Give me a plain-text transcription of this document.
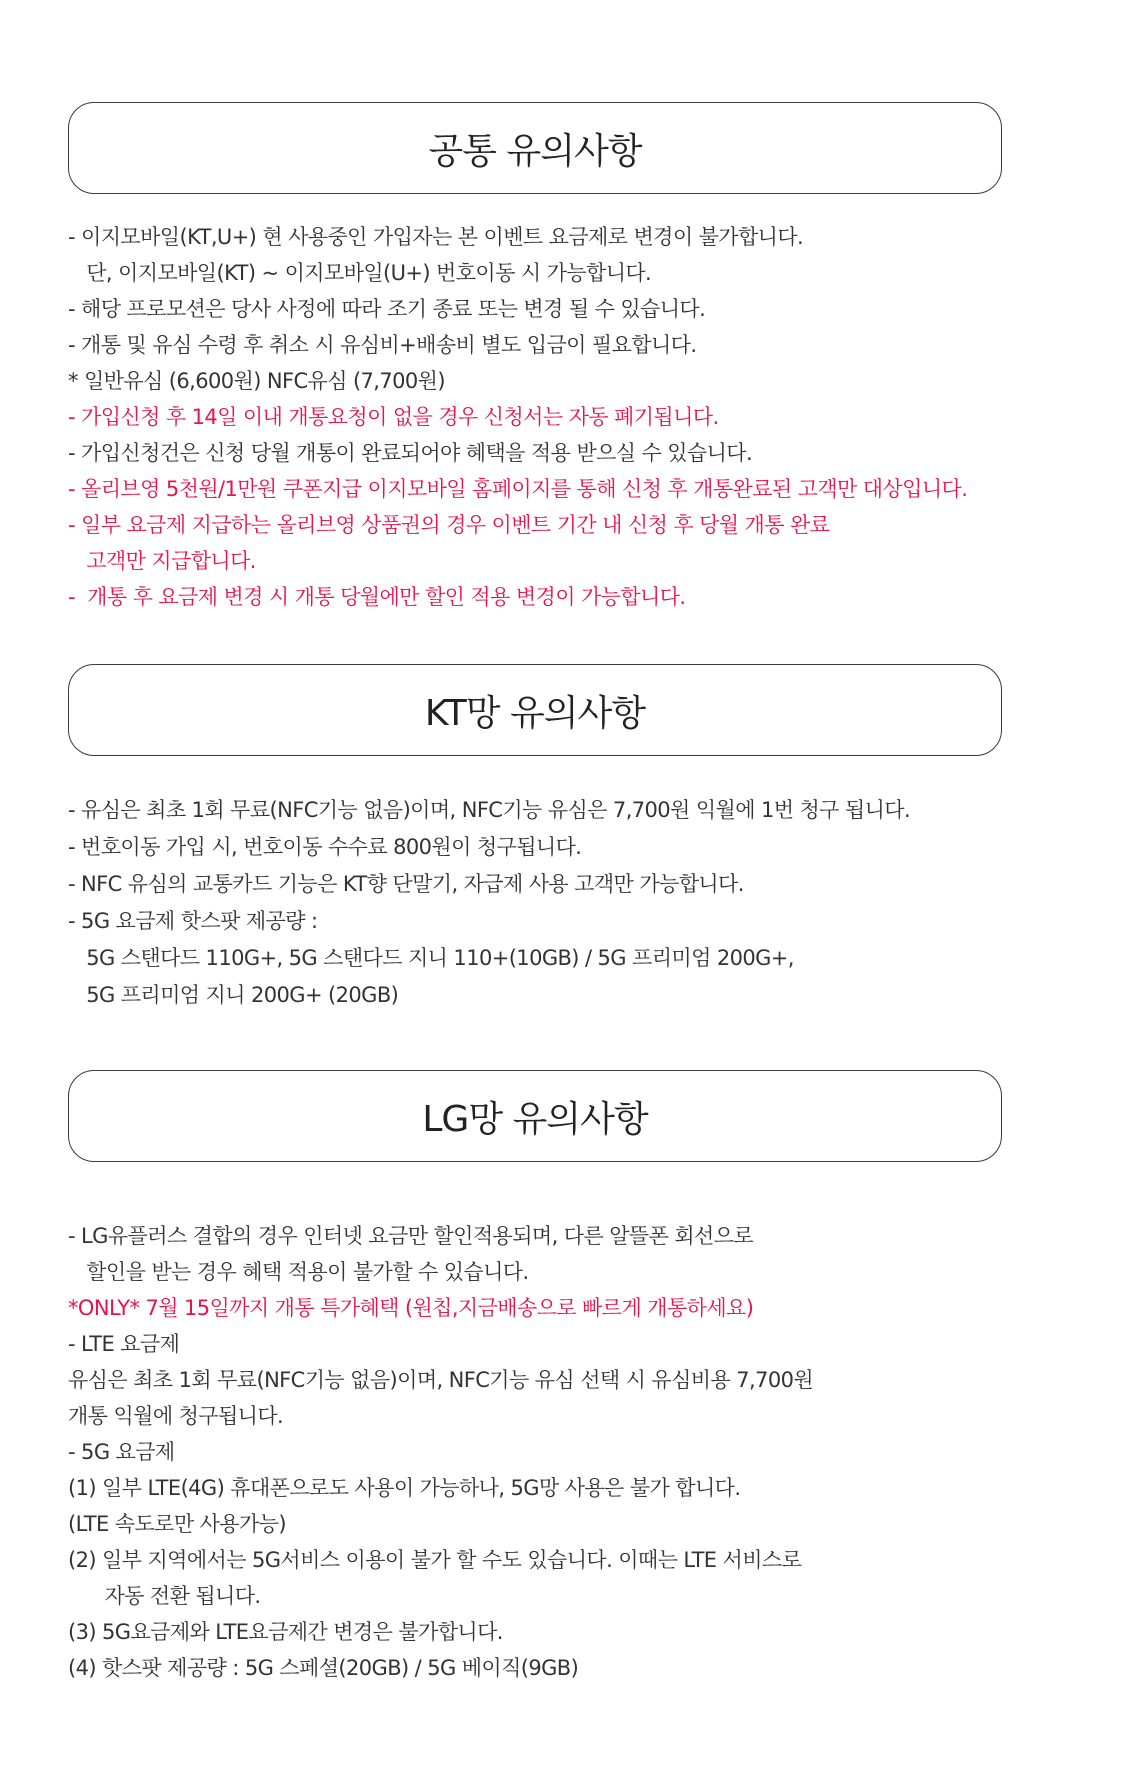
공통 유의사항
- 이지모바일(KT,U+) 현 사용중인 가입자는 본 이벤트 요금제로 변경이 불가합니다.
단, 이지모바일(KT) ~ 이지모바일(U+) 번호이동 시 가능합니다.
- 해당 프로모션은 당사 사정에 따라 조기 종료 또는 변경 될 수 있습니다.
- 개통 및 유심 수령 후 취소 시 유심비+배송비 별도 입금이 필요합니다.
* 일반유심 (6,600원) NFC유심 (7,700원)
- 가입신청 후 14일 이내 개통요청이 없을 경우 신청서는 자동 폐기됩니다.
- 가입신청건은 신청 당월 개통이 완료되어야 혜택을 적용 받으실 수 있습니다.
- 올리브영 5천원/1만원 쿠폰지급 이지모바일 홈페이지를 통해 신청 후 개통완료된 고객만 대상입니다.
- 일부 요금제 지급하는 올리브영 상품권의 경우 이벤트 기간 내 신청 후 당월 개통 완료
고객만 지급합니다.
-  개통 후 요금제 변경 시 개통 당월에만 할인 적용 변경이 가능합니다.
KT망 유의사항
- 유심은 최초 1회 무료(NFC기능 없음)이며, NFC기능 유심은 7,700원 익월에 1번 청구 됩니다.
- 번호이동 가입 시, 번호이동 수수료 800원이 청구됩니다.
- NFC 유심의 교통카드 기능은 KT향 단말기, 자급제 사용 고객만 가능합니다.
- 5G 요금제 핫스팟 제공량 :
5G 스탠다드 110G+, 5G 스탠다드 지니 110+(10GB) / 5G 프리미엄 200G+,
5G 프리미엄 지니 200G+ (20GB)
LG망 유의사항
- LG유플러스 결합의 경우 인터넷 요금만 할인적용되며, 다른 알뜰폰 회선으로
할인을 받는 경우 혜택 적용이 불가할 수 있습니다.
*ONLY* 7월 15일까지 개통 특가혜택 (원칩,지금배송으로 빠르게 개통하세요)
- LTE 요금제
유심은 최초 1회 무료(NFC기능 없음)이며, NFC기능 유심 선택 시 유심비용 7,700원
개통 익월에 청구됩니다.
- 5G 요금제
(1) 일부 LTE(4G) 휴대폰으로도 사용이 가능하나, 5G망 사용은 불가 합니다.
(LTE 속도로만 사용가능)
(2) 일부 지역에서는 5G서비스 이용이 불가 할 수도 있습니다. 이때는 LTE 서비스로
자동 전환 됩니다.
(3) 5G요금제와 LTE요금제간 변경은 불가합니다.
(4) 핫스팟 제공량 : 5G 스페셜(20GB) / 5G 베이직(9GB)
